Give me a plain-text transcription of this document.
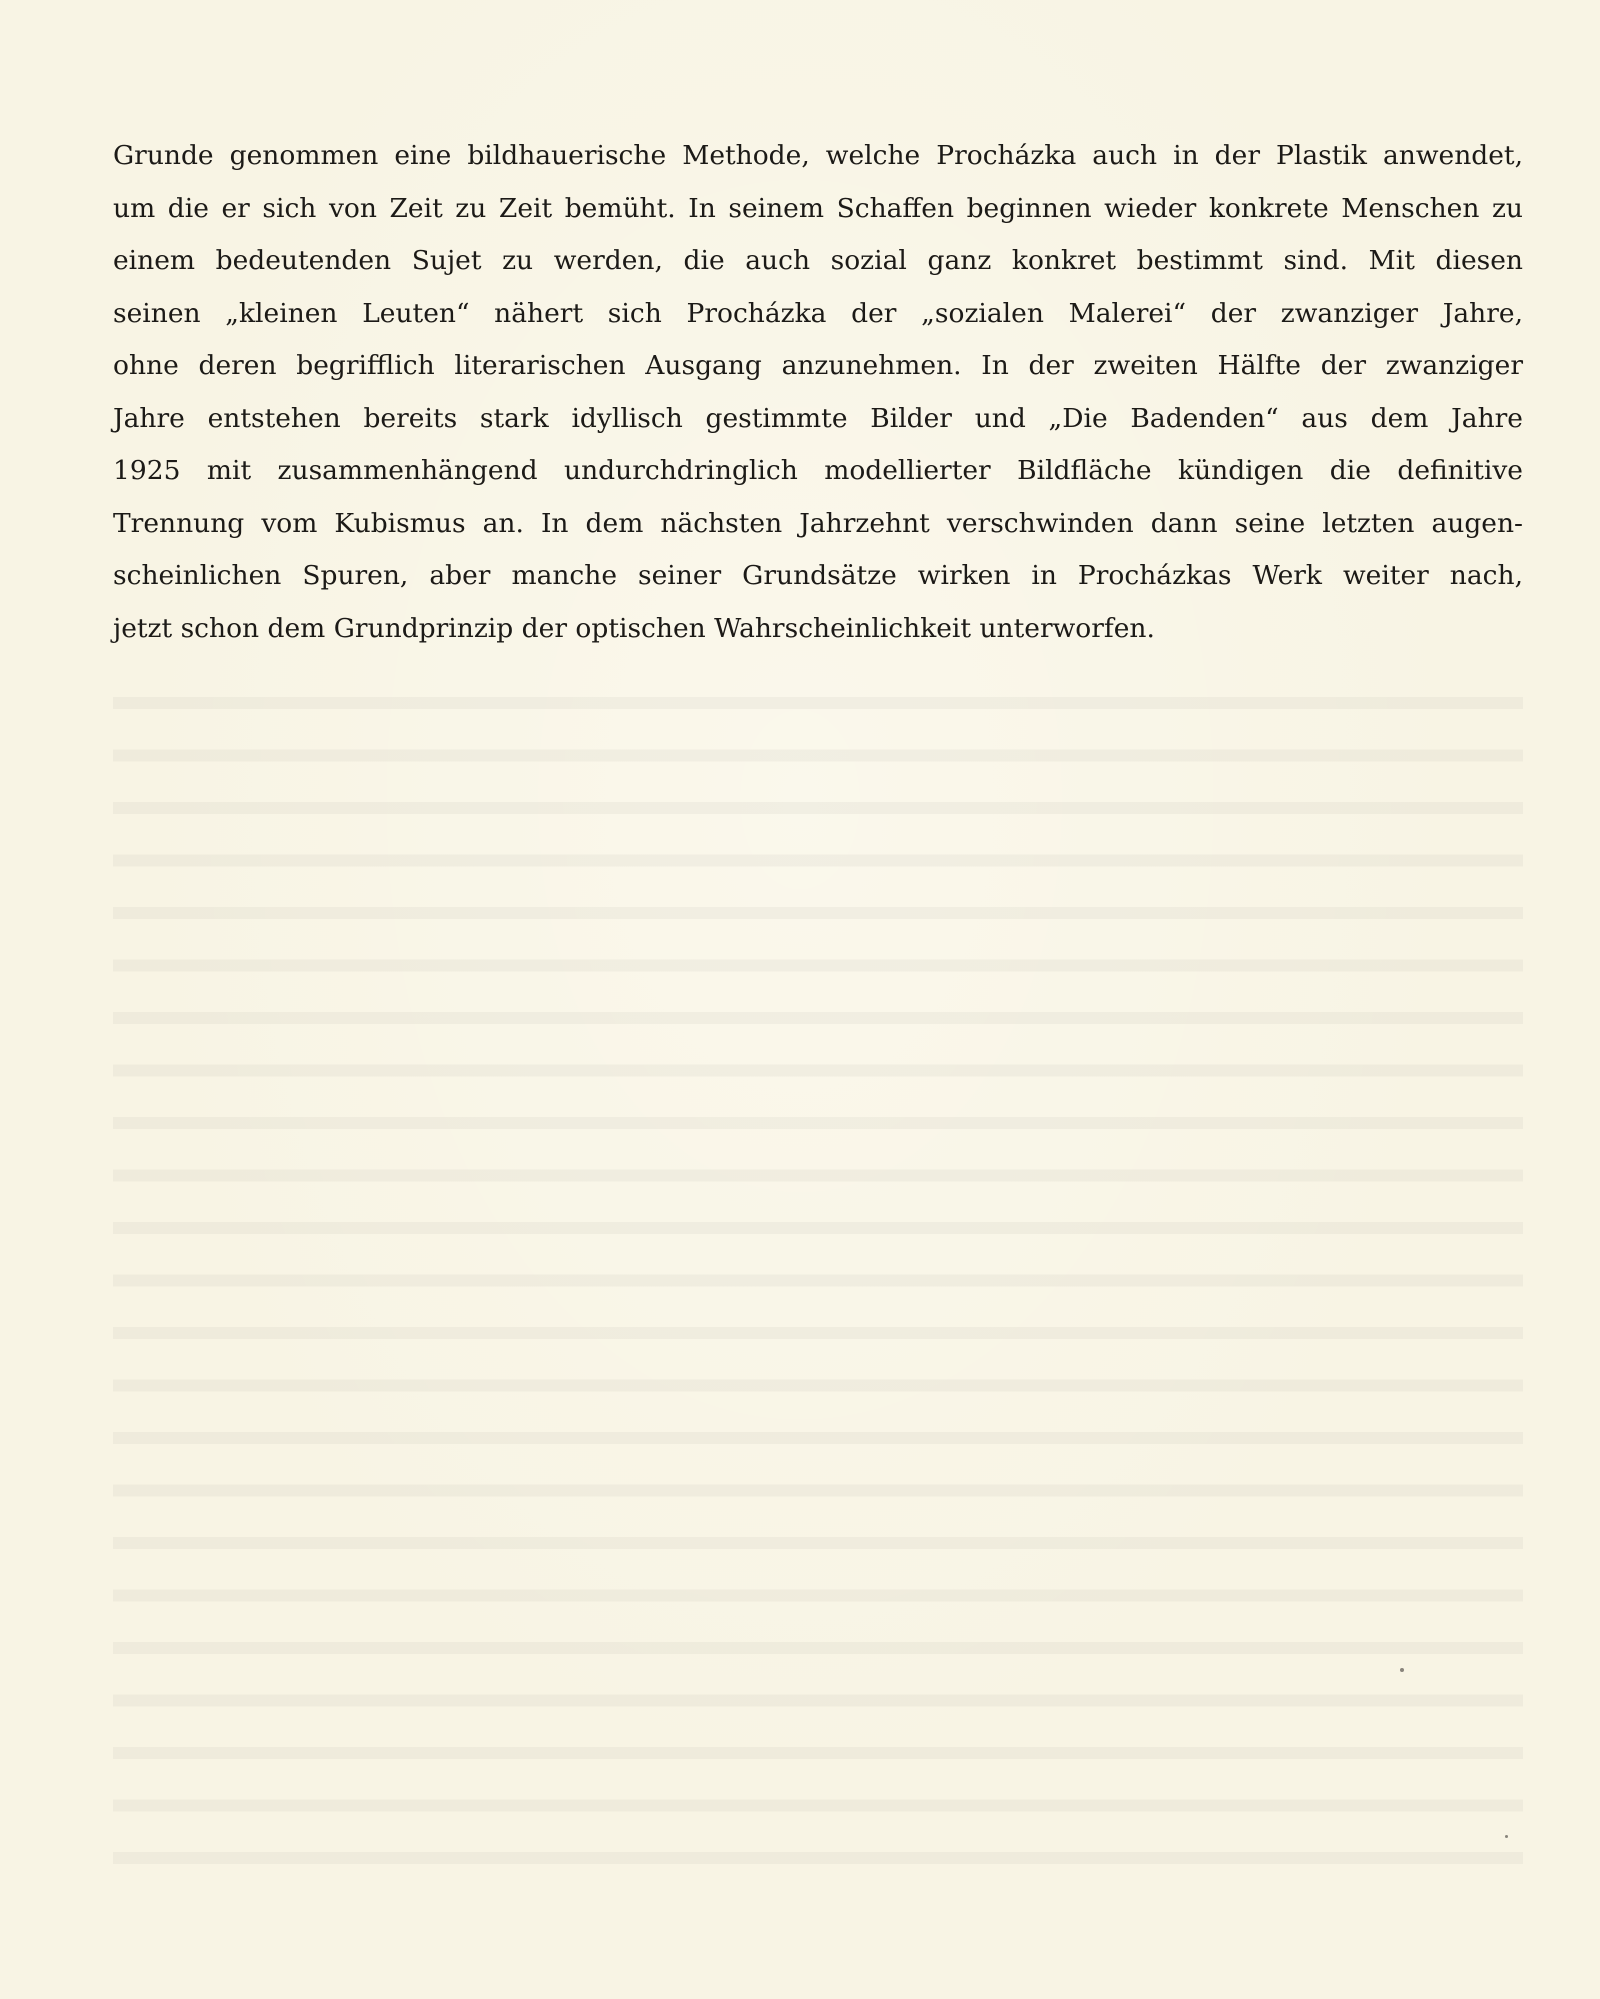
Grunde genommen eine bildhauerische Methode, welche Procházka auch in der Plastik anwendet,
um die er sich von Zeit zu Zeit bemüht. In seinem Schaffen beginnen wieder konkrete Menschen zu
einem bedeutenden Sujet zu werden, die auch sozial ganz konkret bestimmt sind. Mit diesen
seinen „kleinen Leuten“ nähert sich Procházka der „sozialen Malerei“ der zwanziger Jahre,
ohne deren begrifflich literarischen Ausgang anzunehmen. In der zweiten Hälfte der zwanziger
Jahre entstehen bereits stark idyllisch gestimmte Bilder und „Die Badenden“ aus dem Jahre
1925 mit zusammenhängend undurchdringlich modellierter Bildfläche kündigen die definitive
Trennung vom Kubismus an. In dem nächsten Jahrzehnt verschwinden dann seine letzten augen-
scheinlichen Spuren, aber manche seiner Grundsätze wirken in Procházkas Werk weiter nach,
jetzt schon dem Grundprinzip der optischen Wahrscheinlichkeit unterworfen.
